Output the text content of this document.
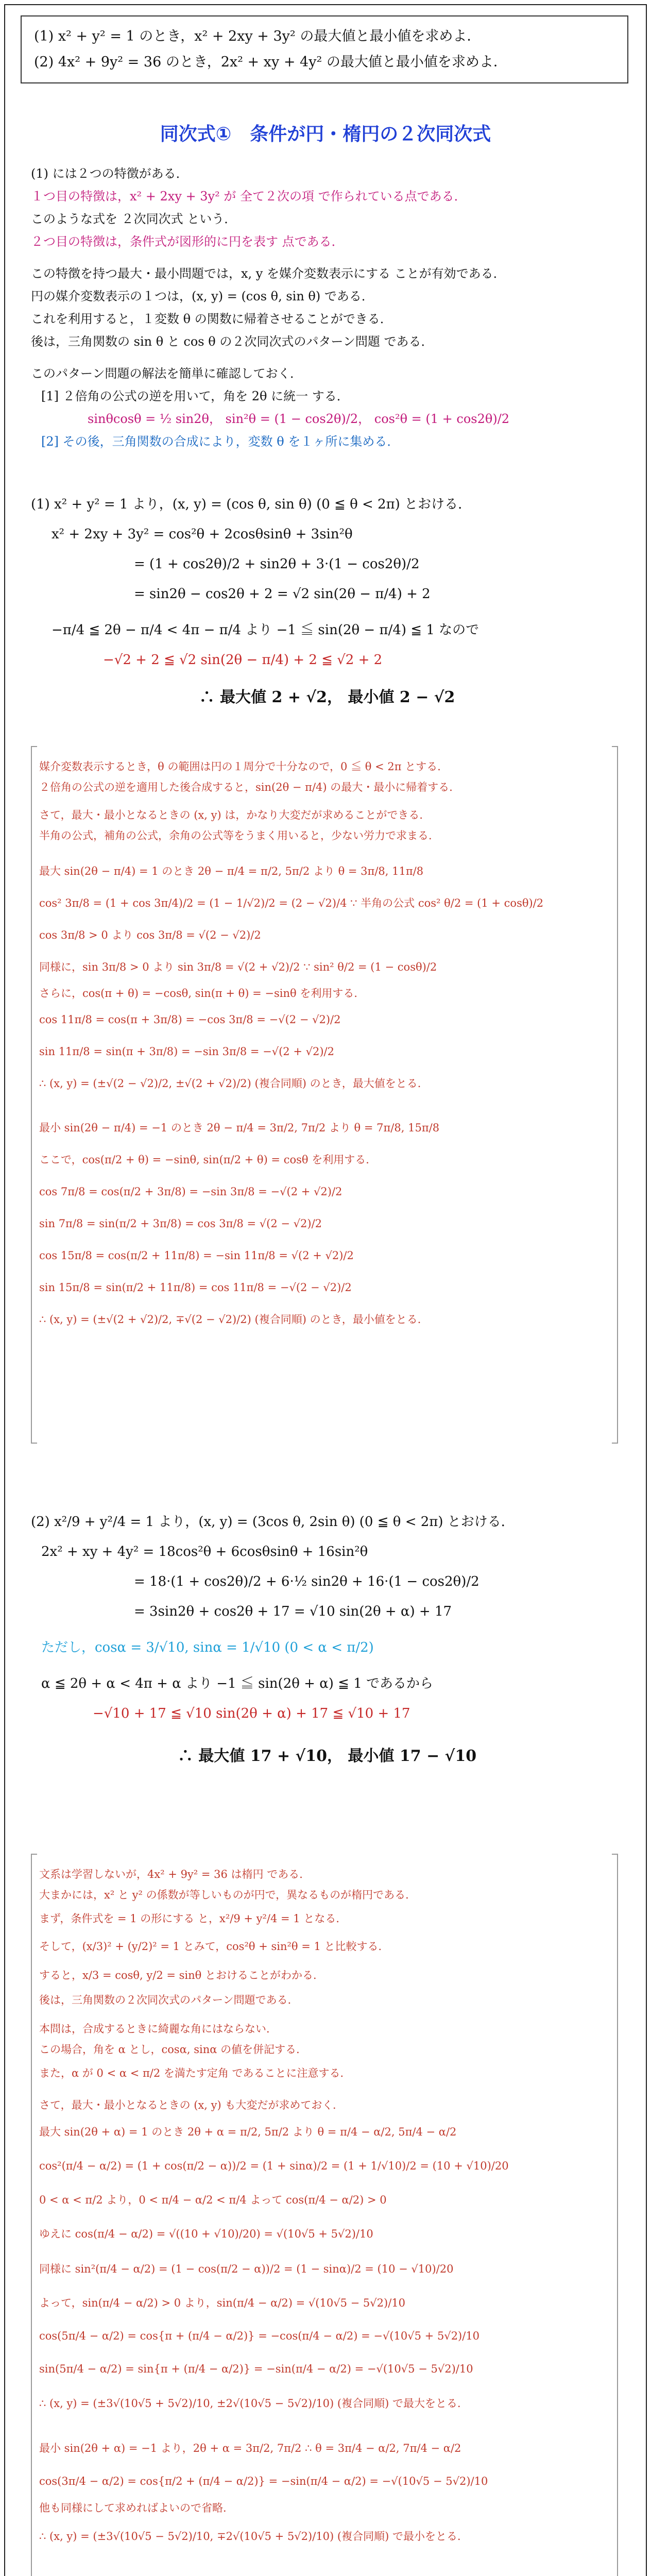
(1) x² + y² = 1 のとき，x² + 2xy + 3y² の最大値と最小値を求めよ．
(2) 4x² + 9y² = 36 のとき，2x² + xy + 4y² の最大値と最小値を求めよ．
同次式①　条件が円・楕円の２次同次式
(1) には２つの特徴がある．
１つ目の特徴は，x² + 2xy + 3y² が 全て２次の項 で作られている点である．
このような式を ２次同次式 という．
２つ目の特徴は，条件式が図形的に円を表す 点である．
この特徴を持つ最大・最小問題では，x, y を媒介変数表示にする ことが有効である．
円の媒介変数表示の１つは，(x, y) = (cos θ, sin θ) である．
これを利用すると，１変数 θ の関数に帰着させることができる．
後は，三角関数の sin θ と cos θ の２次同次式のパターン問題 である．
このパターン問題の解法を簡単に確認しておく．
[1] ２倍角の公式の逆を用いて，角を 2θ に統一 する．
sinθcosθ = ½ sin2θ， sin²θ = (1 − cos2θ)/2， cos²θ = (1 + cos2θ)/2
[2] その後，三角関数の合成により，変数 θ を１ヶ所に集める．
(1) x² + y² = 1 より，(x, y) = (cos θ, sin θ) (0 ≦ θ < 2π) とおける．
x² + 2xy + 3y² = cos²θ + 2cosθsinθ + 3sin²θ
= (1 + cos2θ)/2 + sin2θ + 3·(1 − cos2θ)/2
= sin2θ − cos2θ + 2 = √2 sin(2θ − π/4) + 2
−π/4 ≦ 2θ − π/4 < 4π − π/4 より −1 ≦ sin(2θ − π/4) ≦ 1 なので
−√2 + 2 ≦ √2 sin(2θ − π/4) + 2 ≦ √2 + 2
∴ 最大値 2 + √2， 最小値 2 − √2
媒介変数表示するとき，θ の範囲は円の１周分で十分なので，0 ≦ θ < 2π とする．
２倍角の公式の逆を適用した後合成すると，sin(2θ − π/4) の最大・最小に帰着する．
さて，最大・最小となるときの (x, y) は，かなり大変だが求めることができる．
半角の公式，補角の公式，余角の公式等をうまく用いると，少ない労力で求まる．
最大 sin(2θ − π/4) = 1 のとき 2θ − π/4 = π/2, 5π/2 より θ = 3π/8, 11π/8
cos² 3π/8 = (1 + cos 3π/4)/2 = (1 − 1/√2)/2 = (2 − √2)/4 ∵ 半角の公式 cos² θ/2 = (1 + cosθ)/2
cos 3π/8 > 0 より cos 3π/8 = √(2 − √2)/2
同様に，sin 3π/8 > 0 より sin 3π/8 = √(2 + √2)/2 ∵ sin² θ/2 = (1 − cosθ)/2
さらに，cos(π + θ) = −cosθ, sin(π + θ) = −sinθ を利用する．
cos 11π/8 = cos(π + 3π/8) = −cos 3π/8 = −√(2 − √2)/2
sin 11π/8 = sin(π + 3π/8) = −sin 3π/8 = −√(2 + √2)/2
∴ (x, y) = (±√(2 − √2)/2, ±√(2 + √2)/2) (複合同順) のとき，最大値をとる．
最小 sin(2θ − π/4) = −1 のとき 2θ − π/4 = 3π/2, 7π/2 より θ = 7π/8, 15π/8
ここで，cos(π/2 + θ) = −sinθ, sin(π/2 + θ) = cosθ を利用する．
cos 7π/8 = cos(π/2 + 3π/8) = −sin 3π/8 = −√(2 + √2)/2
sin 7π/8 = sin(π/2 + 3π/8) = cos 3π/8 = √(2 − √2)/2
cos 15π/8 = cos(π/2 + 11π/8) = −sin 11π/8 = √(2 + √2)/2
sin 15π/8 = sin(π/2 + 11π/8) = cos 11π/8 = −√(2 − √2)/2
∴ (x, y) = (±√(2 + √2)/2, ∓√(2 − √2)/2) (複合同順) のとき，最小値をとる．
(2) x²/9 + y²/4 = 1 より，(x, y) = (3cos θ, 2sin θ) (0 ≦ θ < 2π) とおける．
2x² + xy + 4y² = 18cos²θ + 6cosθsinθ + 16sin²θ
= 18·(1 + cos2θ)/2 + 6·½ sin2θ + 16·(1 − cos2θ)/2
= 3sin2θ + cos2θ + 17 = √10 sin(2θ + α) + 17
ただし，cosα = 3/√10, sinα = 1/√10 (0 < α < π/2)
α ≦ 2θ + α < 4π + α より −1 ≦ sin(2θ + α) ≦ 1 であるから
−√10 + 17 ≦ √10 sin(2θ + α) + 17 ≦ √10 + 17
∴ 最大値 17 + √10， 最小値 17 − √10
文系は学習しないが，4x² + 9y² = 36 は楕円 である．
大まかには，x² と y² の係数が等しいものが円で，異なるものが楕円である．
まず，条件式を = 1 の形にする と，x²/9 + y²/4 = 1 となる．
そして，(x/3)² + (y/2)² = 1 とみて，cos²θ + sin²θ = 1 と比較する．
すると，x/3 = cosθ, y/2 = sinθ とおけることがわかる．
後は，三角関数の２次同次式のパターン問題である．
本問は，合成するときに綺麗な角にはならない．
この場合，角を α とし，cosα, sinα の値を併記する．
また，α が 0 < α < π/2 を満たす定角 であることに注意する．
さて，最大・最小となるときの (x, y) も大変だが求めておく．
最大 sin(2θ + α) = 1 のとき 2θ + α = π/2, 5π/2 より θ = π/4 − α/2, 5π/4 − α/2
cos²(π/4 − α/2) = (1 + cos(π/2 − α))/2 = (1 + sinα)/2 = (1 + 1/√10)/2 = (10 + √10)/20
0 < α < π/2 より，0 < π/4 − α/2 < π/4 よって cos(π/4 − α/2) > 0
ゆえに cos(π/4 − α/2) = √((10 + √10)/20) = √(10√5 + 5√2)/10
同様に sin²(π/4 − α/2) = (1 − cos(π/2 − α))/2 = (1 − sinα)/2 = (10 − √10)/20
よって，sin(π/4 − α/2) > 0 より，sin(π/4 − α/2) = √(10√5 − 5√2)/10
cos(5π/4 − α/2) = cos{π + (π/4 − α/2)} = −cos(π/4 − α/2) = −√(10√5 + 5√2)/10
sin(5π/4 − α/2) = sin{π + (π/4 − α/2)} = −sin(π/4 − α/2) = −√(10√5 − 5√2)/10
∴ (x, y) = (±3√(10√5 + 5√2)/10, ±2√(10√5 − 5√2)/10) (複合同順) で最大をとる．
最小 sin(2θ + α) = −1 より，2θ + α = 3π/2, 7π/2 ∴ θ = 3π/4 − α/2, 7π/4 − α/2
cos(3π/4 − α/2) = cos{π/2 + (π/4 − α/2)} = −sin(π/4 − α/2) = −√(10√5 − 5√2)/10
他も同様にして求めればよいので省略．
∴ (x, y) = (±3√(10√5 − 5√2)/10, ∓2√(10√5 + 5√2)/10) (複合同順) で最小をとる．
